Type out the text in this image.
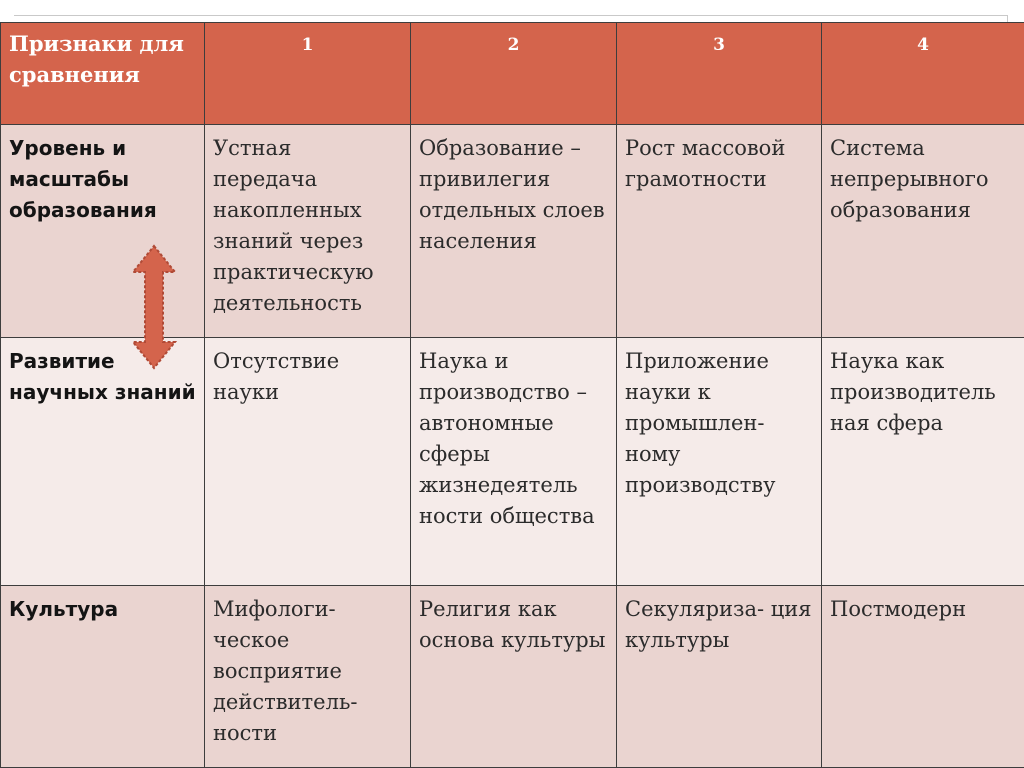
Признаки для сравнения	1	2	3	4
Уровень и масштабы образования	Устная передача накопленных знаний через практическую деятельность	Образование – привилегия отдельных слоев населения	Рост массовой грамотности	Система непрерывного образования
Развитие научных знаний	Отсутствие науки	Наука и производство – автономные сферы жизнедеятель ности общества	Приложение науки к промышлен- ному производству	Наука как производитель ная сфера
Культура	Мифологи- ческое восприятие действитель- ности	Религия как основа культуры	Секуляриза- ция культуры	Постмодерн
